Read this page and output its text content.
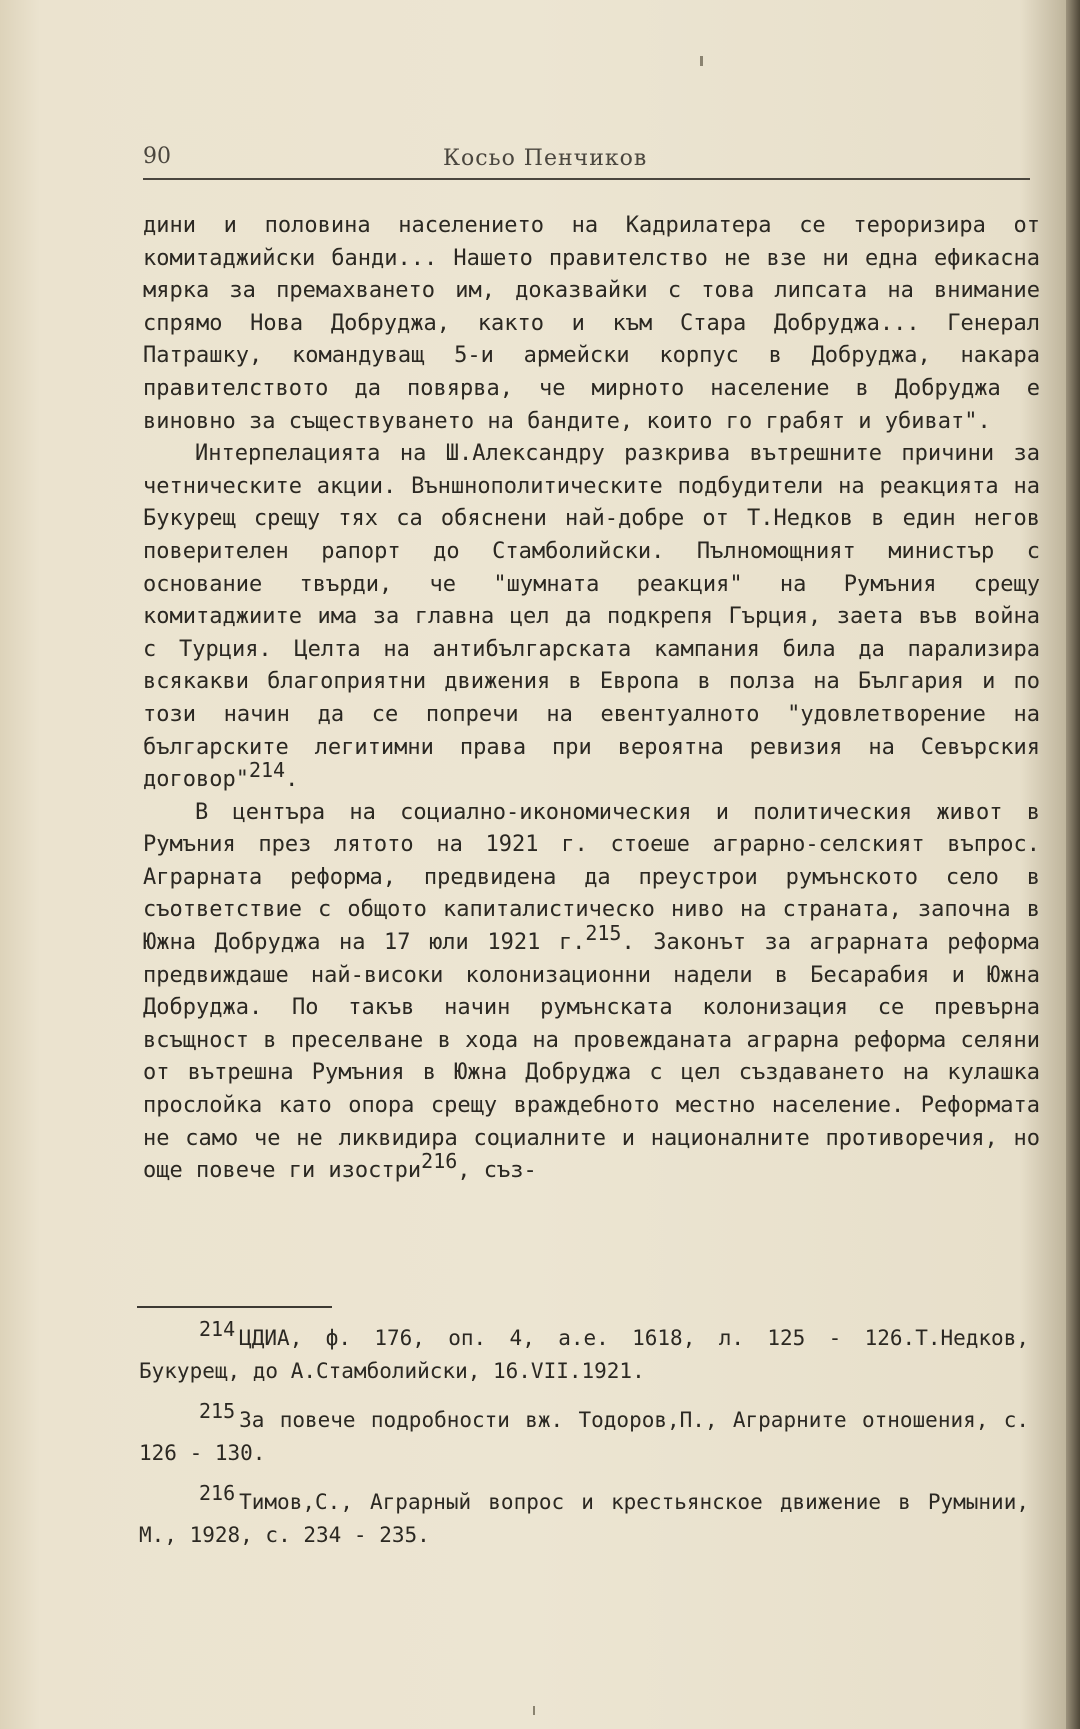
90	Косьо Пенчиков

дини и половина населението на Кадрилатера се тероризира от комитаджийски банди... Нашето правителство не взе ни една ефикасна мярка за премахването им, доказвайки с това липсата на внимание спрямо Нова Добруджа, както и към Стара Добруджа... Генерал Патрашку, командуващ 5-и армейски корпус в Добруджа, накара правителството да повярва, че мирното население в Добруджа е виновно за съществуването на бандите, които го грабят и убиват".

Интерпелацията на Ш.Александру разкрива вътрешните причини за четническите акции. Външнополитическите подбудители на реакцията на Букурещ срещу тях са обяснени най-добре от Т.Недков в един негов поверителен рапорт до Стамболийски. Пълномощният министър с основание твърди, че "шумната реакция" на Румъния срещу комитаджиите има за главна цел да подкрепя Гърция, заета във война с Турция. Целта на антибългарската кампания била да парализира всякакви благоприятни движения в Европа в полза на България и по този начин да се попречи на евентуалното "удовлетворение на българските легитимни права при вероятна ревизия на Севърския договор"$^{214}$.

В центъра на социално-икономическия и политическия живот в Румъния през лятото на 1921 г. стоеше аграрно-селският въпрос. Аграрната реформа, предвидена да преустрои румънското село в съответствие с общото капиталистическо ниво на страната, започна в Южна Добруджа на 17 юли 1921 г.$^{215}$. Законът за аграрната реформа предвиждаше най-високи колонизационни надели в Бесарабия и Южна Добруджа. По такъв начин румънската колонизация се превърна всъщност в преселване в хода на провежданата аграрна реформа селяни от вътрешна Румъния в Южна Добруджа с цел създаването на кулашка прослойка като опора срещу враждебното местно население. Реформата не само че не ликвидира социалните и националните противоречия, но още повече ги изостри$^{216}$, съз-

$^{214}$ ЦДИА, ф. 176, оп. 4, а.е. 1618, л. 125 - 126.Т.Недков, Букурещ, до А.Стамболийски, 16.VII.1921.

$^{215}$ За повече подробности вж. Тодоров,П., Аграрните отношения, с. 126 - 130.

$^{216}$ Тимов,С., Аграрный вопрос и крестьянское движение в Румынии, М., 1928, с. 234 - 235.
